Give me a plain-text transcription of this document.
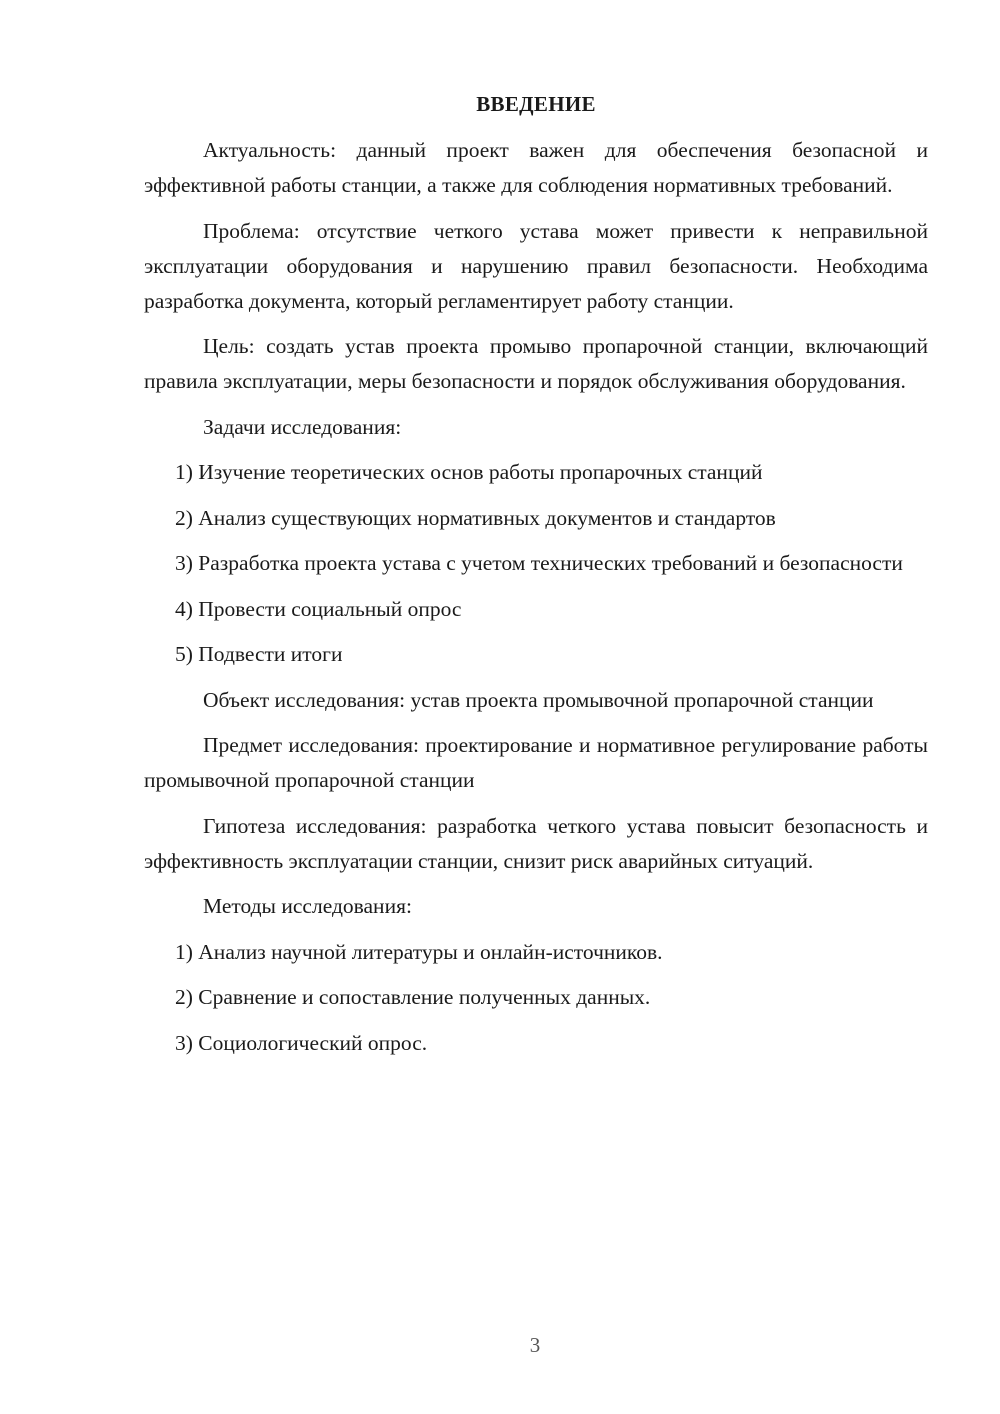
ВВЕДЕНИЕ

Актуальность: данный проект важен для обеспечения безопасной и эффективной работы станции, а также для соблюдения нормативных требований.

Проблема: отсутствие четкого устава может привести к неправильной эксплуатации оборудования и нарушению правил безопасности. Необходима разработка документа, который регламентирует работу станции.

Цель: создать устав проекта промыво пропарочной станции, включающий правила эксплуатации, меры безопасности и порядок обслуживания оборудования.

Задачи исследования:

1) Изучение теоретических основ работы пропарочных станций

2) Анализ существующих нормативных документов и стандартов

3) Разработка проекта устава с учетом технических требований и безопасности

4) Провести социальный опрос

5) Подвести итоги

Объект исследования: устав проекта промывочной пропарочной станции

Предмет исследования: проектирование и нормативное регулирование работы промывочной пропарочной станции

Гипотеза исследования: разработка четкого устава повысит безопасность и эффективность эксплуатации станции, снизит риск аварийных ситуаций.

Методы исследования:

1) Анализ научной литературы и онлайн-источников.

2) Сравнение и сопоставление полученных данных.

3) Социологический опрос.

3
